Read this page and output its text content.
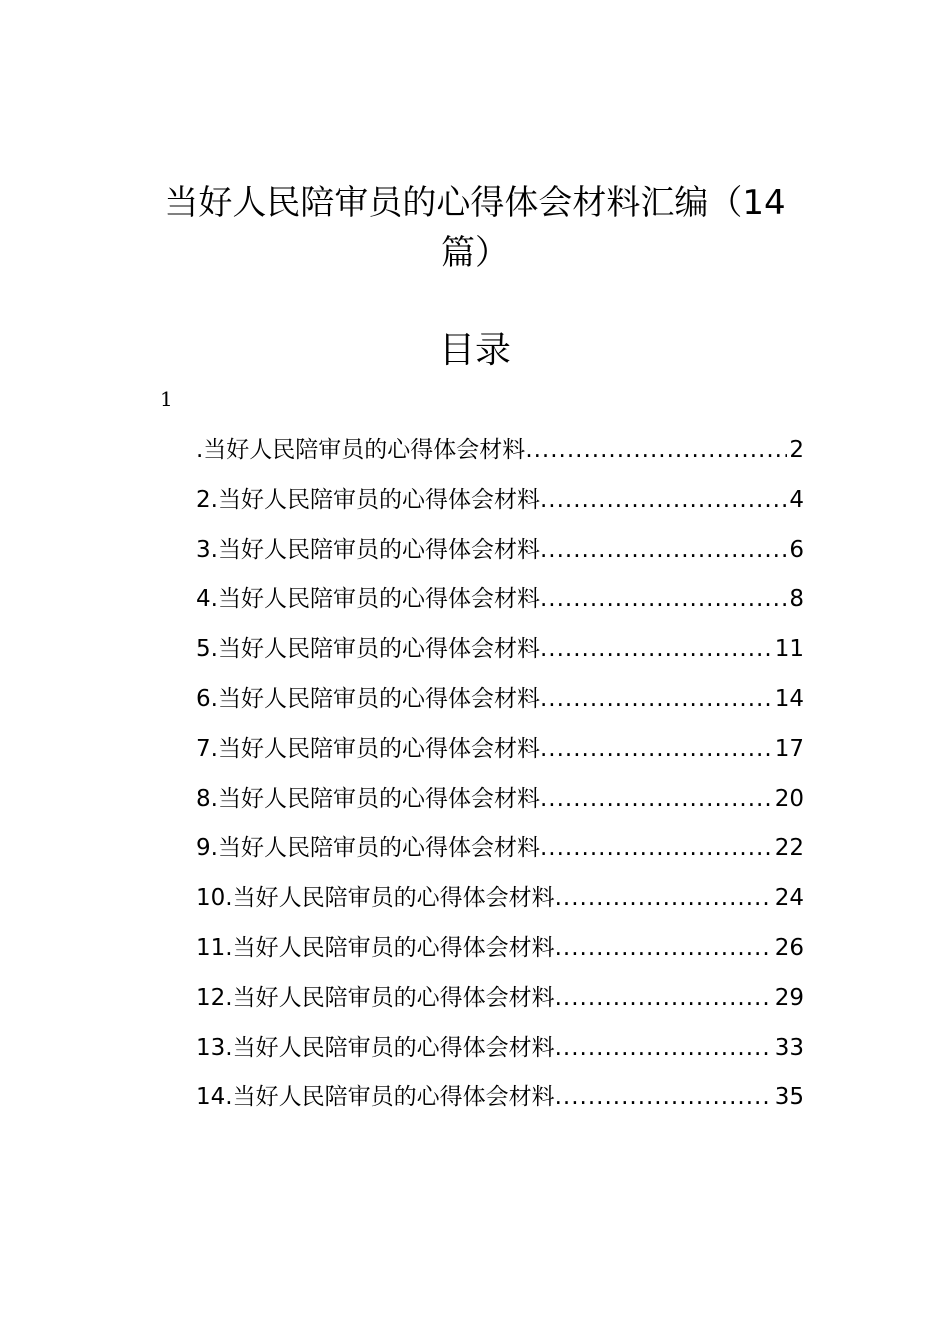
当好人民陪审员的心得体会材料汇编（14篇）
目录
1
.当好人民陪审员的心得体会材料 .....	2
2.当好人民陪审员的心得体会材料 .....	4
3.当好人民陪审员的心得体会材料 .....	6
4.当好人民陪审员的心得体会材料 .....	8
5.当好人民陪审员的心得体会材料 .....	11
6.当好人民陪审员的心得体会材料 .....	14
7.当好人民陪审员的心得体会材料 .....	17
8.当好人民陪审员的心得体会材料 .....	20
9.当好人民陪审员的心得体会材料 .....	22
10.当好人民陪审员的心得体会材料 .....	24
11.当好人民陪审员的心得体会材料 .....	26
12.当好人民陪审员的心得体会材料 .....	29
13.当好人民陪审员的心得体会材料 .....	33
14.当好人民陪审员的心得体会材料 .....	35
